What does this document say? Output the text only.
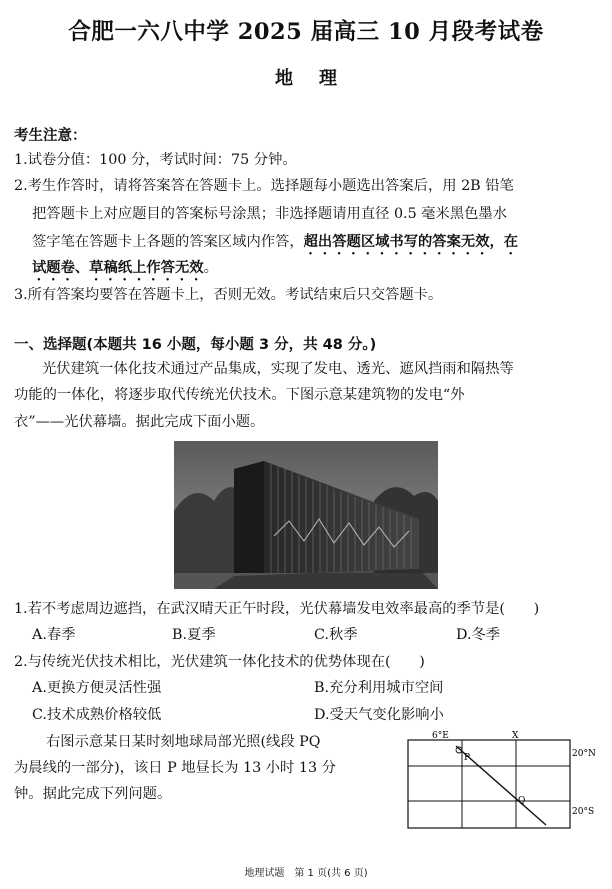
合肥一六八中学 2025 届高三 10 月段考试卷
地理
考生注意：
1.试卷分值：100 分，考试时间：75 分钟。
2.考生作答时，请将答案答在答题卡上。选择题每小题选出答案后，用 2B 铅笔
把答题卡上对应题目的答案标号涂黑；非选择题请用直径 0.5 毫米黑色墨水
签字笔在答题卡上各题的答案区域内作答，超出答题区域书写的答案无效，在
试题卷、草稿纸上作答无效。
3.所有答案均要答在答题卡上，否则无效。考试结束后只交答题卡。
一、选择题(本题共 16 小题，每小题 3 分，共 48 分。)
光伏建筑一体化技术通过产品集成，实现了发电、透光、遮风挡雨和隔热等
功能的一体化，将逐步取代传统光伏技术。下图示意某建筑物的发电“外
衣”——光伏幕墙。据此完成下面小题。
1.若不考虑周边遮挡，在武汉晴天正午时段，光伏幕墙发电效率最高的季节是(　　)
A.春季	B.夏季	C.秋季	D.冬季
2.与传统光伏技术相比，光伏建筑一体化技术的优势体现在(　　)
A.更换方便灵活性强	B.充分利用城市空间
C.技术成熟价格较低	D.受天气变化影响小
右图示意某日某时刻地球局部光照(线段 PQ
为晨线的一部分)，该日 P 地昼长为 13 小时 13 分
钟。据此完成下列问题。
6°E	X
P
Q
20°N
20°S
地理试题　第 1 页(共 6 页)
